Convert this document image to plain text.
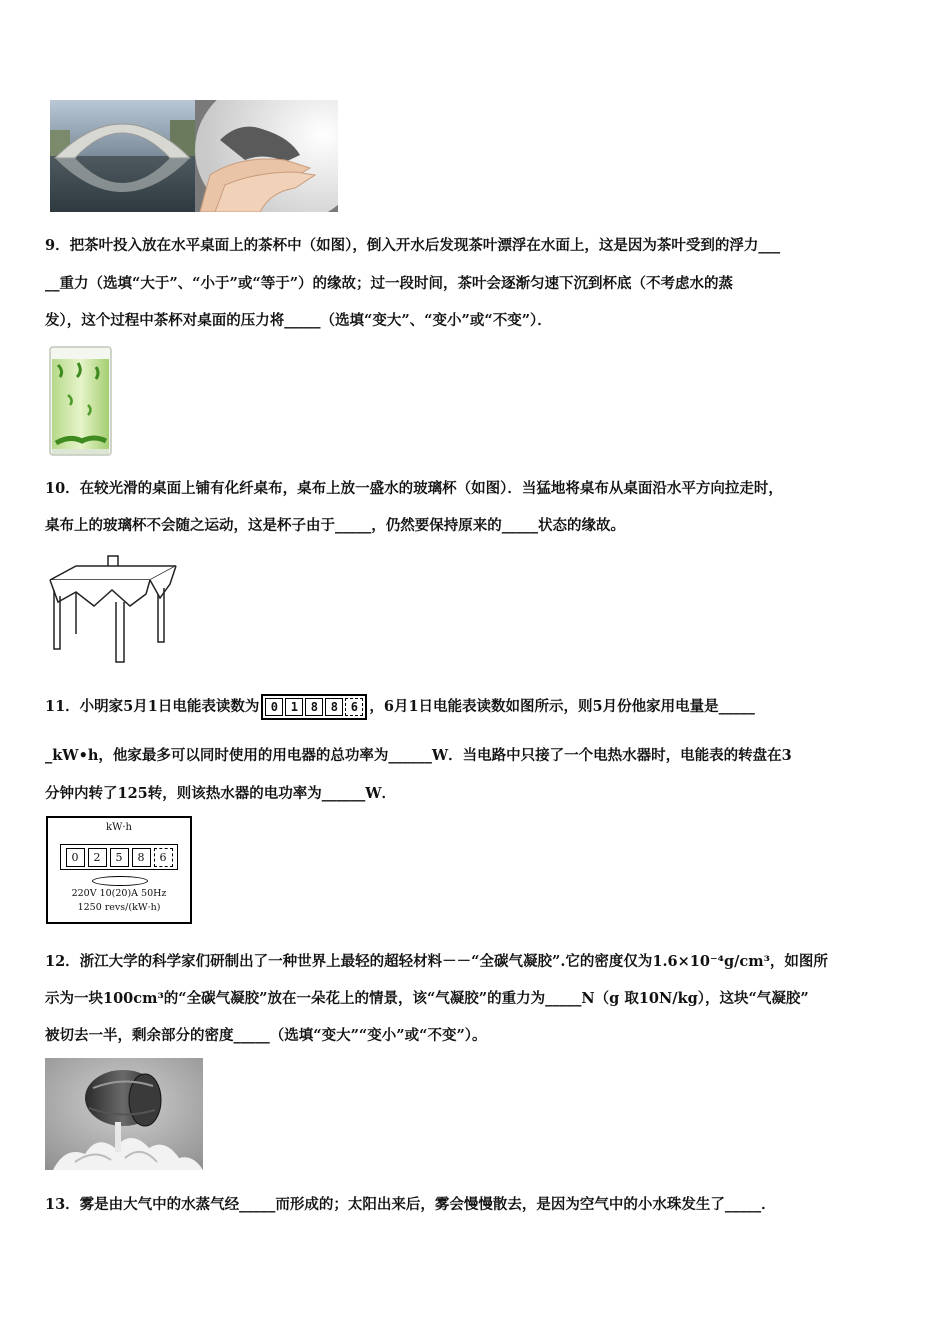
9．把茶叶投入放在水平桌面上的茶杯中（如图），倒入开水后发现茶叶漂浮在水面上，这是因为茶叶受到的浮力___
__重力（选填“大于”、“小于”或“等于”）的缘故；过一段时间，茶叶会逐渐匀速下沉到杯底（不考虑水的蒸
发），这个过程中茶杯对桌面的压力将_____（选填“变大”、“变小”或“不变”）．
10．在较光滑的桌面上铺有化纤桌布，桌布上放一盛水的玻璃杯（如图）．当猛地将桌布从桌面沿水平方向拉走时，
桌布上的玻璃杯不会随之运动，这是杯子由于_____，仍然要保持原来的_____状态的缘故。
11．小明家5月1日电能表读数为 0	1	8	8	6 ，6月1日电能表读数如图所示，则5月份他家用电量是_____
_kW•h，他家最多可以同时使用的用电器的总功率为______W．当电路中只接了一个电热水器时，电能表的转盘在3
分钟内转了125转，则该热水器的电功率为______W．
kW·h
0	2	5	8	6
220V 10(20)A 50Hz
1250 revs/(kW·h)
12．浙江大学的科学家们研制出了一种世界上最轻的超轻材料－－“全碳气凝胶”.它的密度仅为1.6×10⁻⁴g/cm³，如图所
示为一块100cm³的“全碳气凝胶”放在一朵花上的情景，该“气凝胶”的重力为_____N（g 取10N/kg），这块“气凝胶”
被切去一半，剩余部分的密度_____（选填“变大”“变小”或“不变”）。
13．雾是由大气中的水蒸气经_____而形成的；太阳出来后，雾会慢慢散去，是因为空气中的小水珠发生了_____．
